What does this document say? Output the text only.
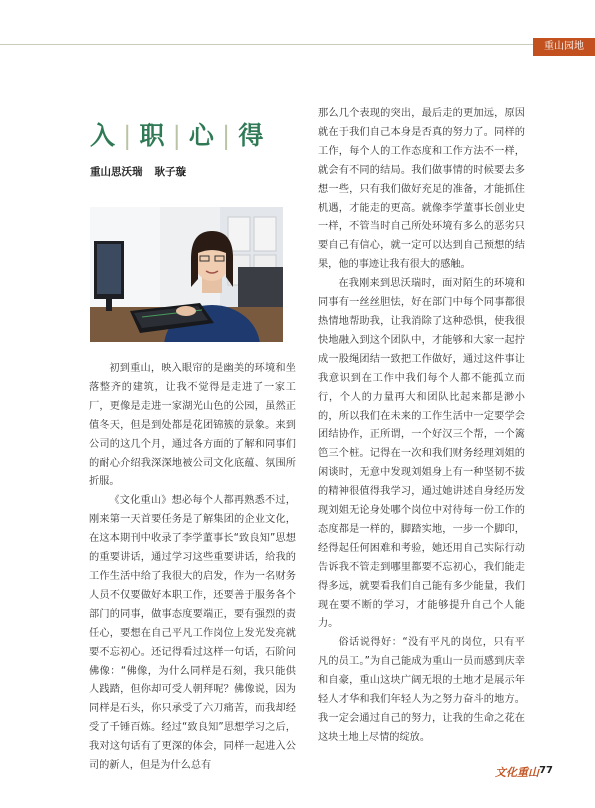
重山园地
入 | 职 | 心 | 得
重山思沃瑞 耿子璇

初到重山，映入眼帘的是幽美的环境和坐落整齐的建筑，让我不觉得是走进了一家工厂，更像是走进一家湖光山色的公园，虽然正值冬天，但是到处都是花团锦簇的景象。来到公司的这几个月，通过各方面的了解和同事们的耐心介绍我深深地被公司文化底蕴、氛围所折服。

《文化重山》想必每个人都再熟悉不过，刚来第一天首要任务是了解集团的企业文化，在这本期刊中收录了李学董事长“致良知”思想的重要讲话，通过学习这些重要讲话，给我的工作生活中给了我很大的启发，作为一名财务人员不仅要做好本职工作，还要善于服务各个部门的同事，做事态度要端正，要有强烈的责任心，要想在自己平凡工作岗位上发光发亮就要不忘初心。还记得看过这样一句话，石阶问佛像：“佛像，为什么同样是石刻，我只能供人践踏，但你却可受人朝拜呢？佛像说，因为同样是石头，你只承受了六刀痛苦，而我却经受了千锤百炼。经过“致良知”思想学习之后，我对这句话有了更深的体会，同样一起进入公司的新人，但是为什么总有

那么几个表现的突出，最后走的更加远，原因就在于我们自己本身是否真的努力了。同样的工作，每个人的工作态度和工作方法不一样，就会有不同的结局。我们做事情的时候要去多想一些，只有我们做好充足的准备，才能抓住机遇，才能走的更高。就像李学董事长创业史一样，不管当时自己所处环境有多么的恶劣只要自己有信心，就一定可以达到自己预想的结果，他的事迹让我有很大的感触。

在我刚来到思沃瑞时，面对陌生的环境和同事有一丝丝胆怯，好在部门中每个同事都很热情地帮助我，让我消除了这种恐惧，使我很快地融入到这个团队中，才能够和大家一起拧成一股绳团结一致把工作做好，通过这件事让我意识到在工作中我们每个人都不能孤立而行，个人的力量再大和团队比起来都是渺小的，所以我们在未来的工作生活中一定要学会团结协作，正所谓，一个好汉三个帮，一个篱笆三个桩。记得在一次和我们财务经理刘姐的闲谈时，无意中发现刘姐身上有一种坚韧不拔的精神很值得我学习，通过她讲述自身经历发现刘姐无论身处哪个岗位中对待每一份工作的态度都是一样的，脚踏实地，一步一个脚印，经得起任何困难和考验，她还用自己实际行动告诉我不管走到哪里都要不忘初心，我们能走得多远，就要看我们自己能有多少能量，我们现在要不断的学习，才能够提升自己个人能力。

俗话说得好：“没有平凡的岗位，只有平凡的员工。”为自己能成为重山一员而感到庆幸和自豪，重山这块广阔无垠的土地才是展示年轻人才华和我们年轻人为之努力奋斗的地方。我一定会通过自己的努力，让我的生命之花在这块土地上尽情的绽放。

文化重山 77
